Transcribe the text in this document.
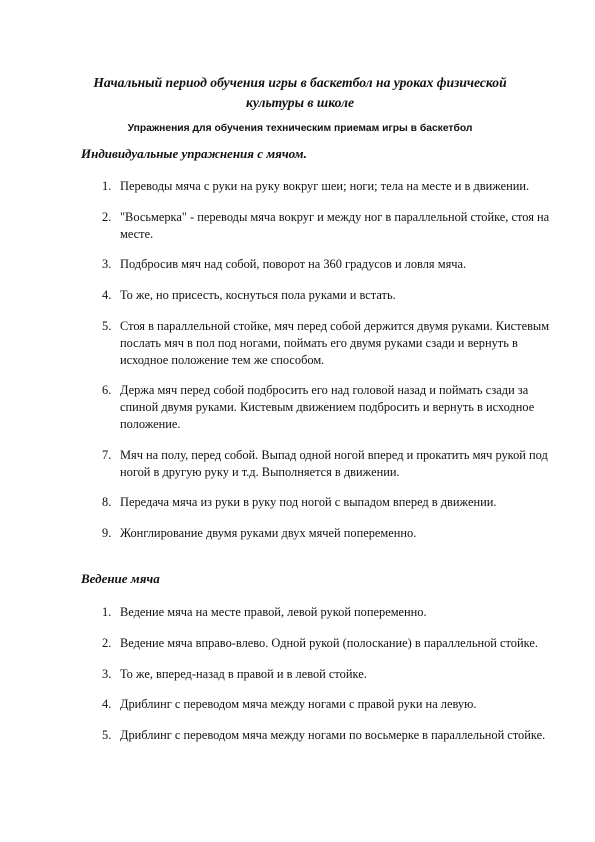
Начальный период обучения игры в баскетбол на уроках физической культуры в школе
Упражнения для обучения техническим приемам игры в баскетбол
Индивидуальные упражнения с мячом.
1. Переводы мяча с руки на руку вокруг шеи; ноги; тела на месте и в движении.
2. "Восьмерка" - переводы мяча вокруг и между ног в параллельной стойке, стоя на месте.
3. Подбросив мяч над собой, поворот на 360 градусов и ловля мяча.
4. То же, но присесть, коснуться пола руками и встать.
5. Стоя в параллельной стойке, мяч перед собой держится двумя руками. Кистевым послать мяч в пол под ногами, поймать его двумя руками сзади и вернуть в исходное положение тем же способом.
6. Держа мяч перед собой подбросить его над головой назад и поймать сзади за спиной двумя руками. Кистевым движением подбросить и вернуть в исходное положение.
7. Мяч на полу, перед собой. Выпад одной ногой вперед и прокатить мяч рукой под ногой в другую руку и т.д. Выполняется в движении.
8. Передача мяча из руки в руку под ногой с выпадом вперед в движении.
9. Жонглирование двумя руками двух мячей попеременно.
Ведение мяча
1. Ведение мяча на месте правой, левой рукой попеременно.
2. Ведение мяча вправо-влево. Одной рукой (полоскание) в параллельной стойке.
3. То же, вперед-назад в правой и в левой стойке.
4. Дриблинг с переводом мяча между ногами с правой руки на левую.
5. Дриблинг с переводом мяча между ногами по восьмерке в параллельной стойке.
